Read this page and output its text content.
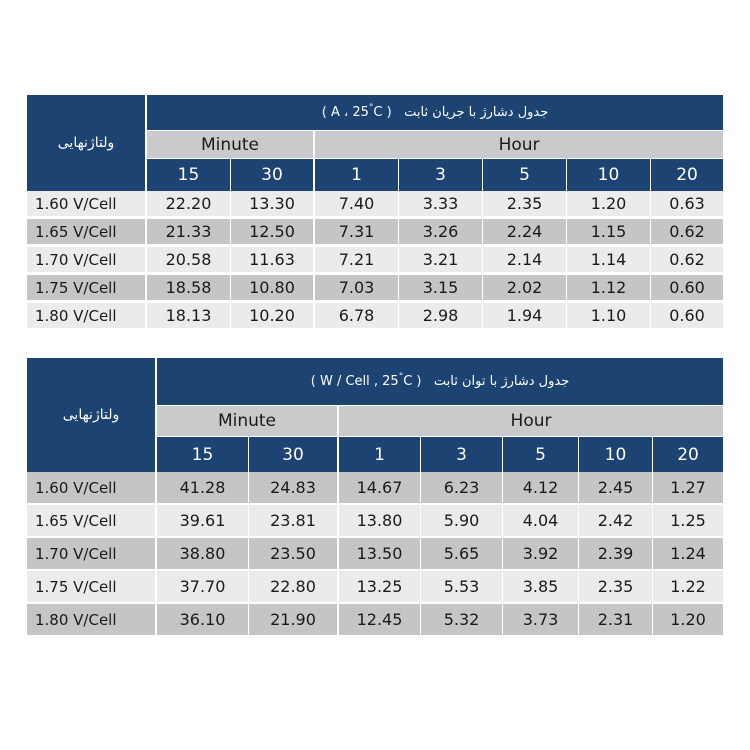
ولتاژنهایی	جدول دشارژ با جریان ثابت   ( A ، 25°C )						
	Minute		Hour				
	15	30	1	3	5	10	20
1.60 V/Cell	22.20	13.30	7.40	3.33	2.35	1.20	0.63
1.65 V/Cell	21.33	12.50	7.31	3.26	2.24	1.15	0.62
1.70 V/Cell	20.58	11.63	7.21	3.21	2.14	1.14	0.62
1.75 V/Cell	18.58	10.80	7.03	3.15	2.02	1.12	0.60
1.80 V/Cell	18.13	10.20	6.78	2.98	1.94	1.10	0.60
ولتاژنهایی	جدول دشارژ با توان ثابت   ( W / Cell , 25°C )						
	Minute		Hour				
	15	30	1	3	5	10	20
1.60 V/Cell	41.28	24.83	14.67	6.23	4.12	2.45	1.27
1.65 V/Cell	39.61	23.81	13.80	5.90	4.04	2.42	1.25
1.70 V/Cell	38.80	23.50	13.50	5.65	3.92	2.39	1.24
1.75 V/Cell	37.70	22.80	13.25	5.53	3.85	2.35	1.22
1.80 V/Cell	36.10	21.90	12.45	5.32	3.73	2.31	1.20
